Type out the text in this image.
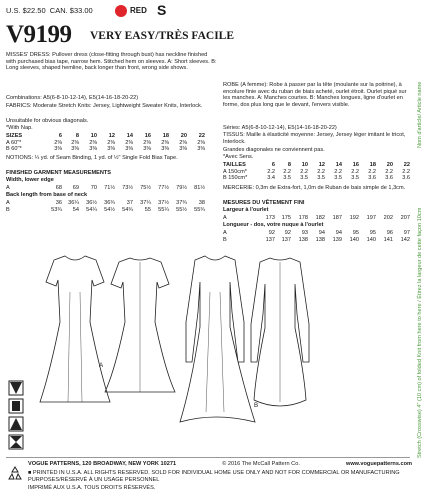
U.S. $22.50 CAN. $33.00	RED S
V9199 VERY EASY/TRÈS FACILE
MISSES' DRESS: Pullover dress (close-fitting through bust) has neckline finished with purchased bias tape, narrow hem. Stitched hem on sleeves. A: Short sleeves. B: Long sleeves, shaped hemline, back longer than front, wrong side shows.
Combinations: A5(6-8-10-12-14), E5(14-16-18-20-22)
FABRICS: Moderate Stretch Knits: Jersey, Lightweight Sweater Knits, Interlock.
Unsuitable for obvious diagonals.
*With Nap.
SIZES	6	8	10	12	14	16	18	20	22
A 60"*	2⅜	2⅜	2⅜	2⅜	2⅜	2⅜	2⅜	2⅜	2⅜
B 60"*	3⅜	3⅜	3⅜	3⅜	3⅜	3⅜	3⅜	3⅜	3⅜
NOTIONS: ¼ yd. of Seam Binding, 1 yd. of ½" Single Fold Bias Tape.
FINISHED GARMENT MEASUREMENTS
Width, lower edge
A	68	69	70	71½	73½	75½	77½	79½	81½
Back length from base of neck
A	36	36¼	36½	36¾	37	37¼	37½	37¾	38
B	53¾	54	54¼	54½	54¾	55	55¼	55½	55¾
ROBE (A femme): Robe à passer par la tête (moulante sur la poitrine), à encolure finie avec du ruban de biais acheté, ourlet étroit. Ourlet piqué sur les manches. A: Manches courtes. B: Manches longues, ligne d'ourlet en forme, dos plus long que le devant, l'envers visible.
Séries: A5(6-8-10-12-14), E5(14-16-18-20-22)
TISSUS: Maille à élasticité moyenne: Jersey, Jersey léger imitant le tricot, Interlock.
Grandes diagonales ne conviennent pas.
*Avec Sens.
TAILLES	6	8	10	12	14	16	18	20	22
A 150cm*	2.2	2.2	2.2	2.2	2.2	2.2	2.2	2.2	2.2
B 150cm*	3.4	3.5	3.5	3.5	3.5	3.5	3.6	3.6	3.6
MERCERIE: 0,3m de Extra-fort, 1,0m de Ruban de bais simple de 1,3cm.
MESURES DU VÊTEMENT FINI
Largeur à l'ourlet
A	173	175	178	182	187	192	197	202	207
Longueur - dos, votre nuque à l'ourlet
A	92	92	93	94	94	95	95	96	97
B	137	137	138	138	139	140	140	141	142
Nom d'article/ Article name
Stretch (Crosswise) 4" (10 cm) of folded Knit from here to here / Étirez la largeur de cette façon 10cm
A
B
VOGUE PATTERNS, 120 BROADWAY, NEW YORK 10271	© 2016 The McCall Pattern Co.	www.voguepatterns.com
■ PRINTED IN U.S.A. ALL RIGHTS RESERVED. SOLD FOR INDIVIDUAL HOME USE ONLY AND NOT FOR COMMERCIAL OR MANUFACTURING PURPOSES/RÉSERVÉ À UN USAGE PERSONNEL
IMPRIMÉ AUX U.S.A. TOUS DROITS RÉSERVÉS.
